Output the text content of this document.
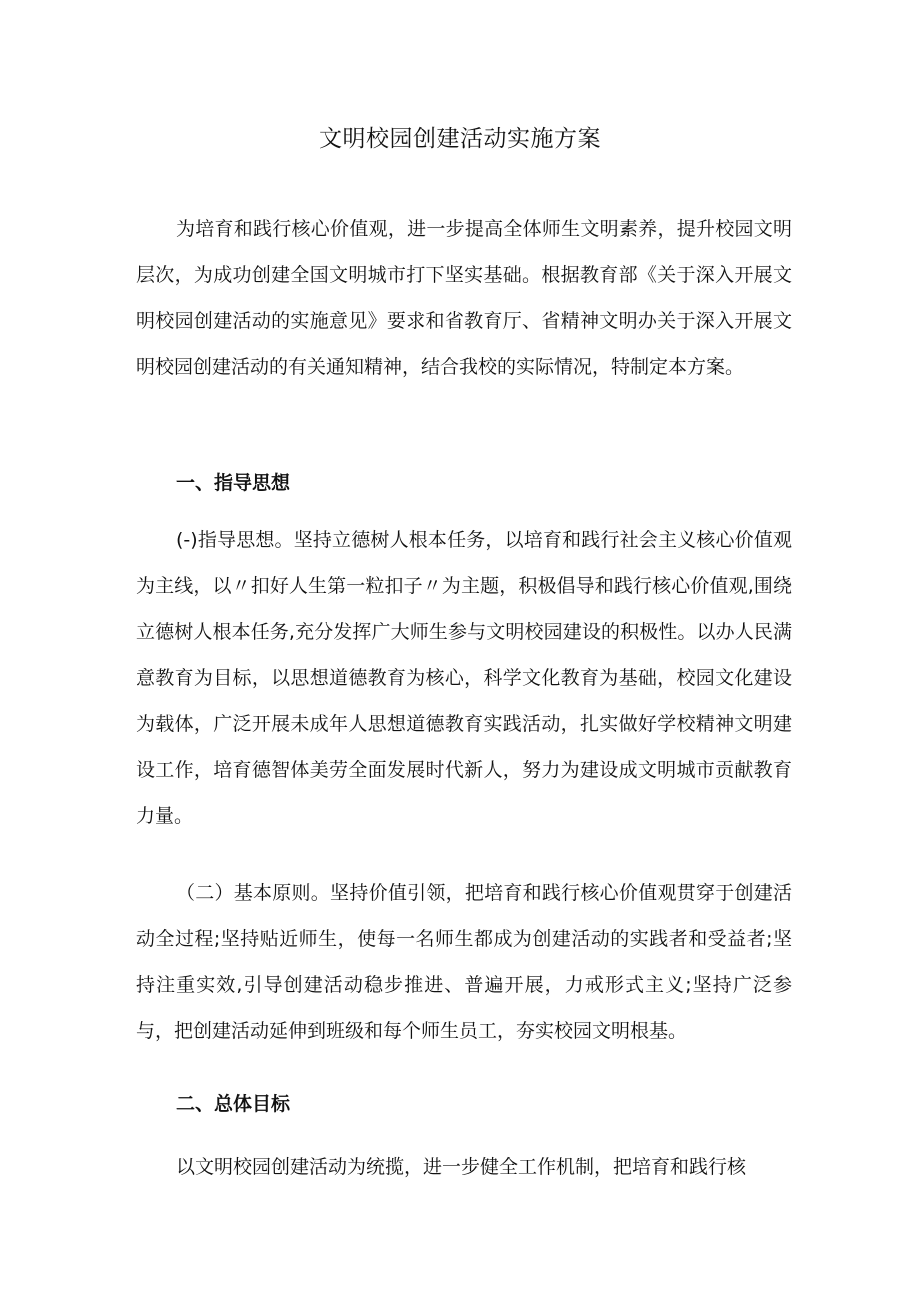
文明校园创建活动实施方案

为培育和践行核心价值观，进一步提高全体师生文明素养，提升校园文明层次，为成功创建全国文明城市打下坚实基础。根据教育部《关于深入开展文明校园创建活动的实施意见》要求和省教育厅、省精神文明办关于深入开展文明校园创建活动的有关通知精神，结合我校的实际情况，特制定本方案。

一、指导思想

(-)指导思想。坚持立德树人根本任务，以培育和践行社会主义核心价值观为主线，以〃扣好人生第一粒扣子〃为主题，积极倡导和践行核心价值观,围绕立德树人根本任务,充分发挥广大师生参与文明校园建设的积极性。以办人民满意教育为目标，以思想道德教育为核心，科学文化教育为基础，校园文化建设为载体，广泛开展未成年人思想道德教育实践活动，扎实做好学校精神文明建设工作，培育德智体美劳全面发展时代新人，努力为建设成文明城市贡献教育力量。

（二）基本原则。坚持价值引领，把培育和践行核心价值观贯穿于创建活动全过程;坚持贴近师生，使每一名师生都成为创建活动的实践者和受益者;坚持注重实效,引导创建活动稳步推进、普遍开展，力戒形式主义;坚持广泛参与，把创建活动延伸到班级和每个师生员工，夯实校园文明根基。

二、总体目标

以文明校园创建活动为统揽，进一步健全工作机制，把培育和践行核
